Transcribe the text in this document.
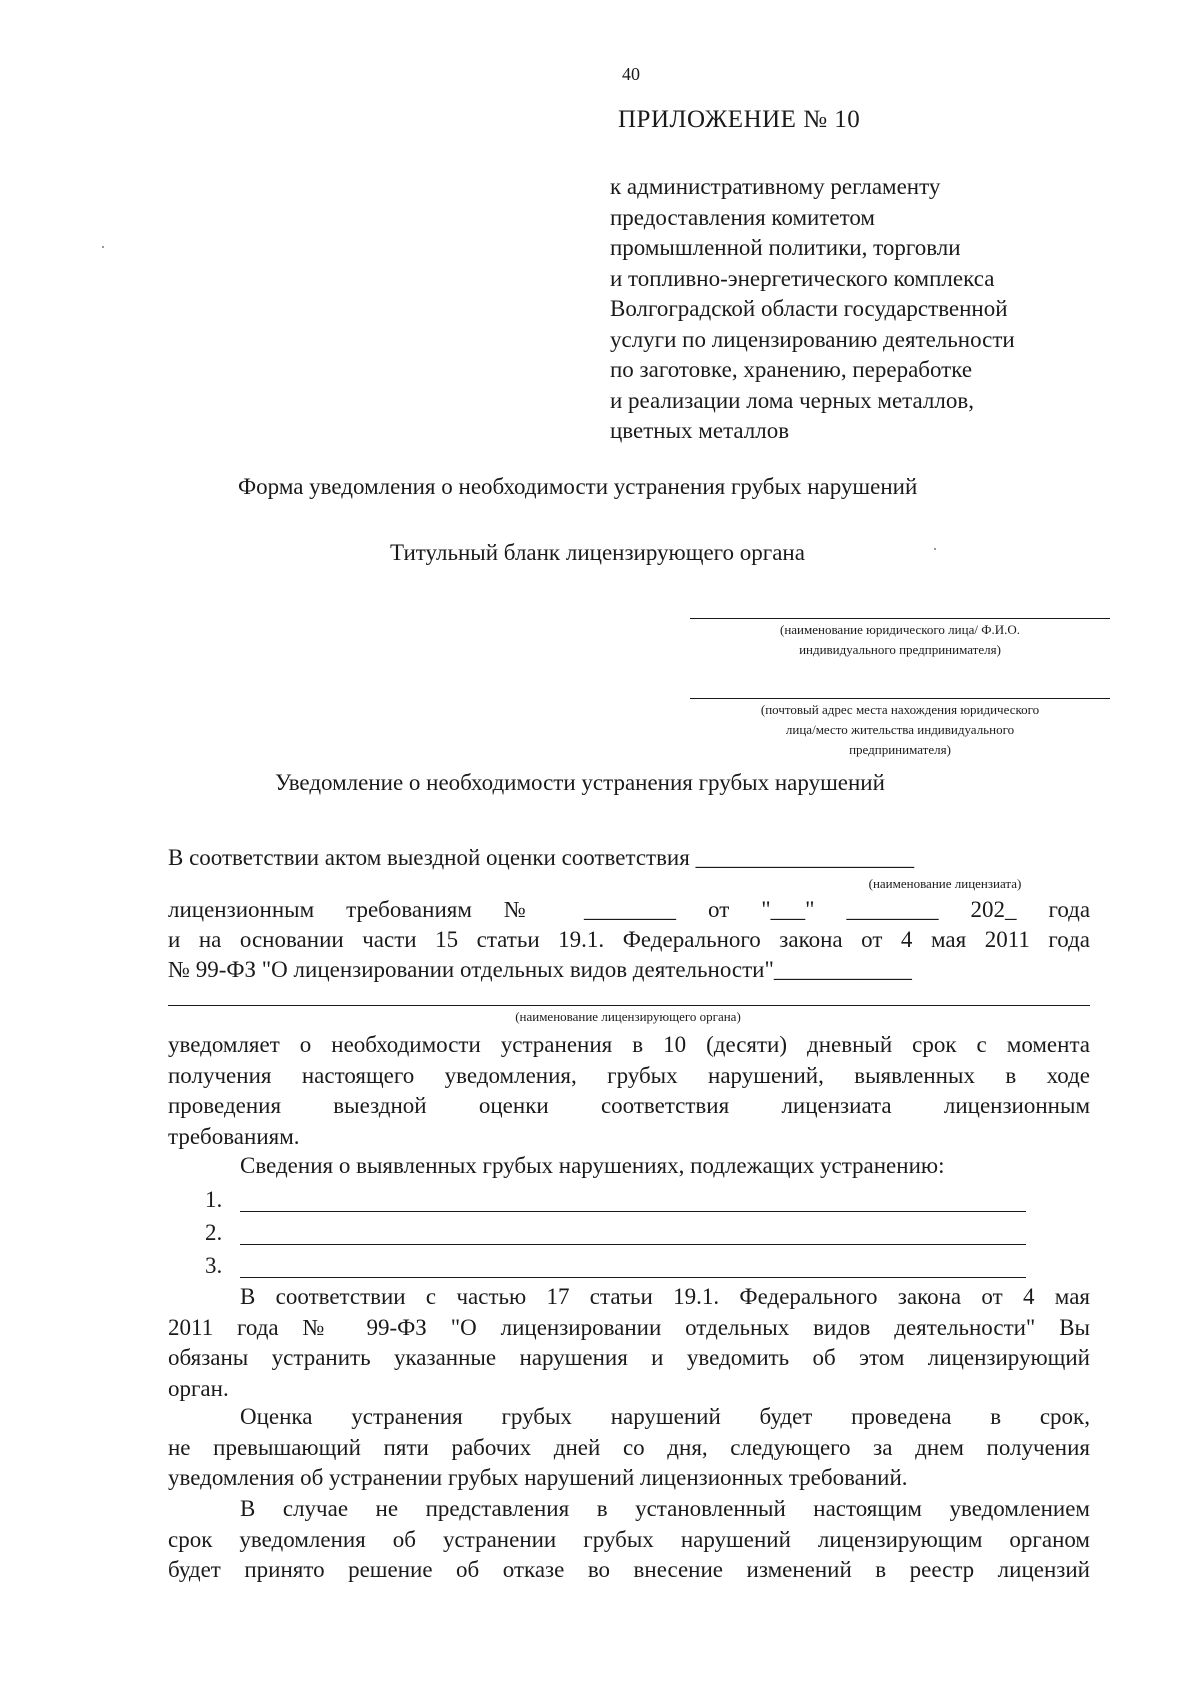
40
ПРИЛОЖЕНИЕ № 10
к административному регламенту
предоставления комитетом
промышленной политики, торговли
и топливно-энергетического комплекса
Волгоградской области государственной
услуги по лицензированию деятельности
по заготовке, хранению, переработке
и реализации лома черных металлов,
цветных металлов
Форма уведомления о необходимости устранения грубых нарушений
Титульный бланк лицензирующего органа
(наименование юридического лица/ Ф.И.О.
индивидуального предпринимателя)
(почтовый адрес места нахождения юридического
лица/место жительства индивидуального
предпринимателя)
Уведомление о необходимости устранения грубых нарушений
В соответствии актом выездной оценки соответствия ___________________
(наименование лицензиата)
лицензионным требованиям № ________ от "___" ________ 202_ года
и на основании части 15 статьи 19.1. Федерального закона от 4 мая 2011 года
№ 99-ФЗ "О лицензировании отдельных видов деятельности"____________
(наименование лицензирующего органа)
уведомляет о необходимости устранения в 10 (десяти) дневный срок с момента
получения настоящего уведомления, грубых нарушений, выявленных в ходе
проведения выездной оценки соответствия лицензиата лицензионным
требованиям.
Сведения о выявленных грубых нарушениях, подлежащих устранению:
1.
2.
3.
В соответствии с частью 17 статьи 19.1. Федерального закона от 4 мая
2011 года № 99-ФЗ "О лицензировании отдельных видов деятельности" Вы
обязаны устранить указанные нарушения и уведомить об этом лицензирующий
орган.
Оценка устранения грубых нарушений будет проведена в срок,
не превышающий пяти рабочих дней со дня, следующего за днем получения
уведомления об устранении грубых нарушений лицензионных требований.
В случае не представления в установленный настоящим уведомлением
срок уведомления об устранении грубых нарушений лицензирующим органом
будет принято решение об отказе во внесение изменений в реестр лицензий
